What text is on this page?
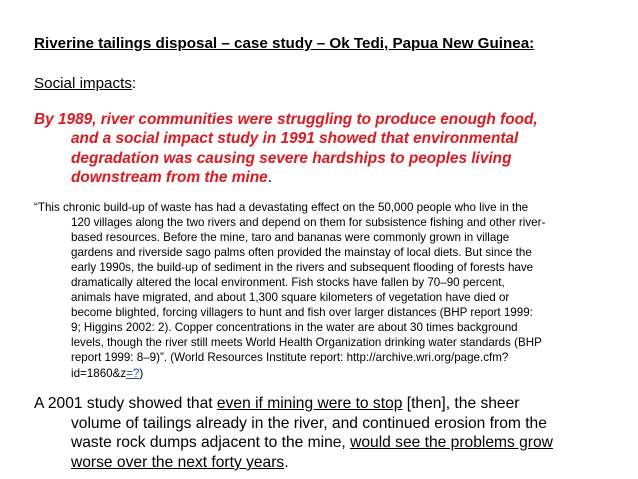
Riverine tailings disposal – case study – Ok Tedi, Papua New Guinea:
Social impacts:
By 1989, river communities were struggling to produce enough food,
and a social impact study in 1991 showed that environmental
degradation was causing severe hardships to peoples living
downstream from the mine.
“This chronic build-up of waste has had a devastating effect on the 50,000 people who live in the
120 villages along the two rivers and depend on them for subsistence fishing and other river-
based resources. Before the mine, taro and bananas were commonly grown in village
gardens and riverside sago palms often provided the mainstay of local diets. But since the
early 1990s, the build-up of sediment in the rivers and subsequent flooding of forests have
dramatically altered the local environment. Fish stocks have fallen by 70–90 percent,
animals have migrated, and about 1,300 square kilometers of vegetation have died or
become blighted, forcing villagers to hunt and fish over larger distances (BHP report 1999:
9; Higgins 2002: 2). Copper concentrations in the water are about 30 times background
levels, though the river still meets World Health Organization drinking water standards (BHP
report 1999: 8–9)”. (World Resources Institute report: http://archive.wri.org/page.cfm?
id=1860&z=?)
A 2001 study showed that even if mining were to stop [then], the sheer
volume of tailings already in the river, and continued erosion from the
waste rock dumps adjacent to the mine, would see the problems grow
worse over the next forty years.
